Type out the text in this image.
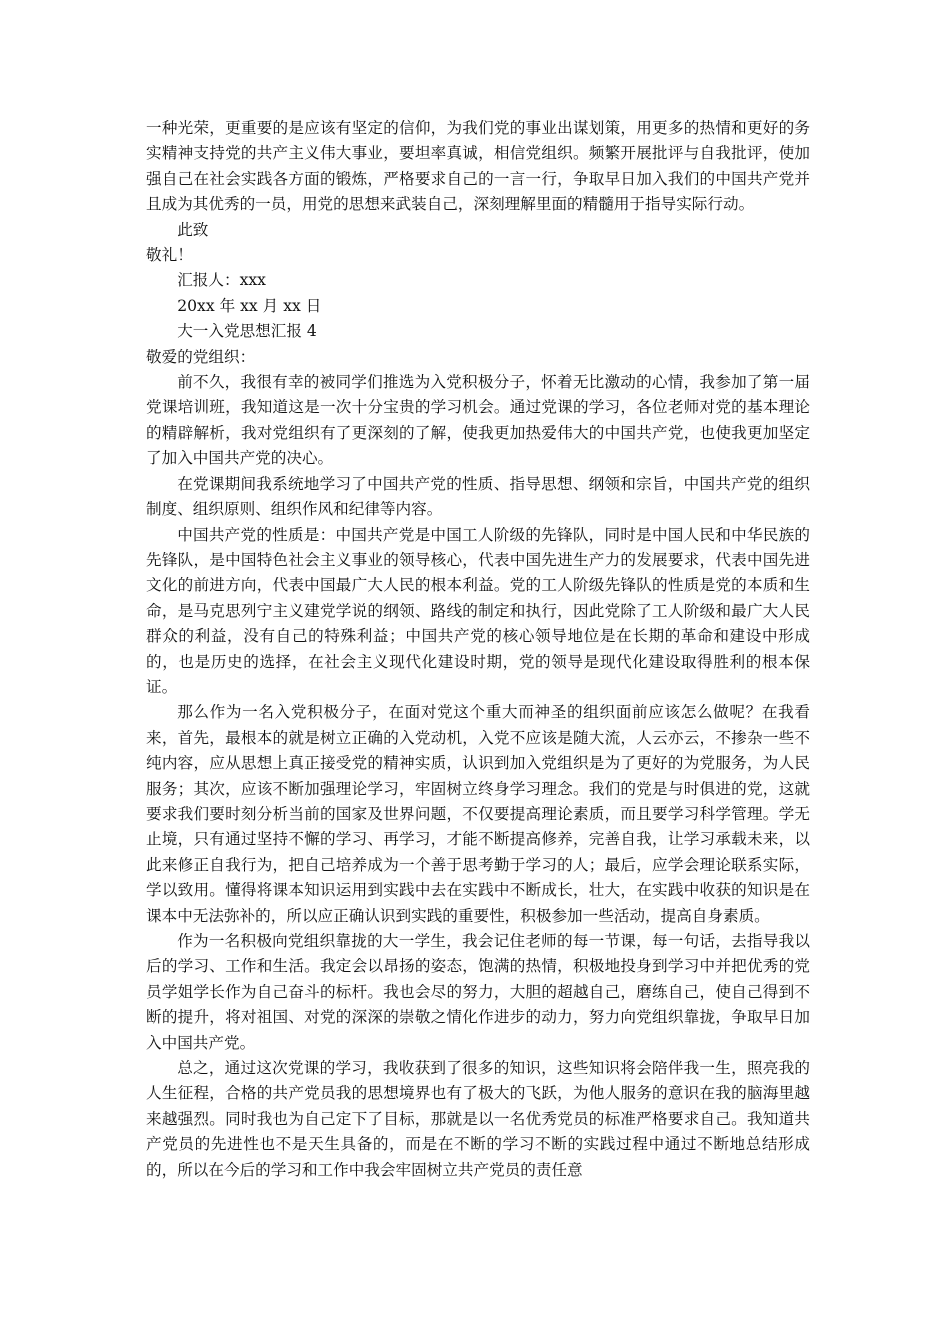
一种光荣，更重要的是应该有坚定的信仰，为我们党的事业出谋划策，用更多的热情和更好的务实精神支持党的共产主义伟大事业，要坦率真诚，相信党组织。频繁开展批评与自我批评，使加强自己在社会实践各方面的锻炼，严格要求自己的一言一行，争取早日加入我们的中国共产党并且成为其优秀的一员，用党的思想来武装自己，深刻理解里面的精髓用于指导实际行动。

此致

敬礼！

汇报人：xxx

20xx 年 xx 月 xx 日

大一入党思想汇报 4

敬爱的党组织：

前不久，我很有幸的被同学们推选为入党积极分子，怀着无比激动的心情，我参加了第一届党课培训班，我知道这是一次十分宝贵的学习机会。通过党课的学习，各位老师对党的基本理论的精辟解析，我对党组织有了更深刻的了解，使我更加热爱伟大的中国共产党，也使我更加坚定了加入中国共产党的决心。

在党课期间我系统地学习了中国共产党的性质、指导思想、纲领和宗旨，中国共产党的组织制度、组织原则、组织作风和纪律等内容。

中国共产党的性质是：中国共产党是中国工人阶级的先锋队，同时是中国人民和中华民族的先锋队，是中国特色社会主义事业的领导核心，代表中国先进生产力的发展要求，代表中国先进文化的前进方向，代表中国最广大人民的根本利益。党的工人阶级先锋队的性质是党的本质和生命，是马克思列宁主义建党学说的纲领、路线的制定和执行，因此党除了工人阶级和最广大人民群众的利益，没有自己的特殊利益；中国共产党的核心领导地位是在长期的革命和建设中形成的，也是历史的选择，在社会主义现代化建设时期，党的领导是现代化建设取得胜利的根本保证。

那么作为一名入党积极分子，在面对党这个重大而神圣的组织面前应该怎么做呢？在我看来，首先，最根本的就是树立正确的入党动机，入党不应该是随大流，人云亦云，不掺杂一些不纯内容，应从思想上真正接受党的精神实质，认识到加入党组织是为了更好的为党服务，为人民服务；其次，应该不断加强理论学习，牢固树立终身学习理念。我们的党是与时俱进的党，这就要求我们要时刻分析当前的国家及世界问题，不仅要提高理论素质，而且要学习科学管理。学无止境，只有通过坚持不懈的学习、再学习，才能不断提高修养，完善自我，让学习承载未来，以此来修正自我行为，把自己培养成为一个善于思考勤于学习的人；最后，应学会理论联系实际，学以致用。懂得将课本知识运用到实践中去在实践中不断成长，壮大，在实践中收获的知识是在课本中无法弥补的，所以应正确认识到实践的重要性，积极参加一些活动，提高自身素质。

作为一名积极向党组织靠拢的大一学生，我会记住老师的每一节课，每一句话，去指导我以后的学习、工作和生活。我定会以昂扬的姿态，饱满的热情，积极地投身到学习中并把优秀的党员学姐学长作为自己奋斗的标杆。我也会尽的努力，大胆的超越自己，磨练自己，使自己得到不断的提升，将对祖国、对党的深深的崇敬之情化作进步的动力，努力向党组织靠拢，争取早日加入中国共产党。

总之，通过这次党课的学习，我收获到了很多的知识，这些知识将会陪伴我一生，照亮我的人生征程，合格的共产党员我的思想境界也有了极大的飞跃，为他人服务的意识在我的脑海里越来越强烈。同时我也为自己定下了目标，那就是以一名优秀党员的标准严格要求自己。我知道共产党员的先进性也不是天生具备的，而是在不断的学习不断的实践过程中通过不断地总结形成的，所以在今后的学习和工作中我会牢固树立共产党员的责任意
